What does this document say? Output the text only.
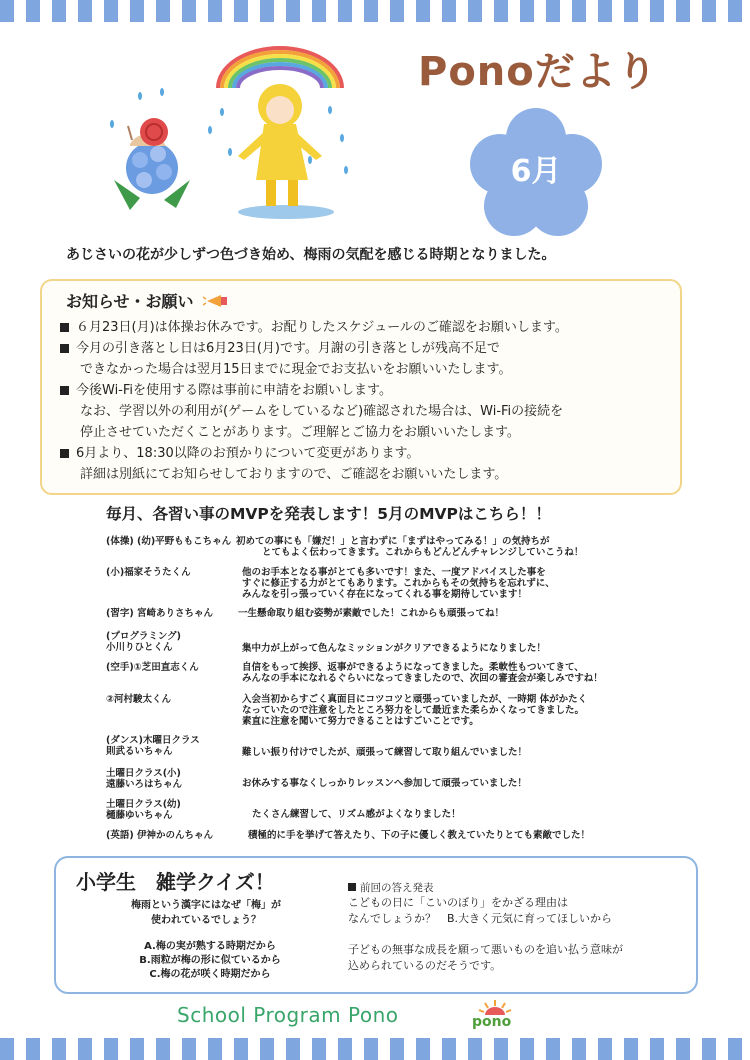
Ponoだより
6月
あじさいの花が少しずつ色づき始め、梅雨の気配を感じる時期となりました。
お知らせ・お願い
６月23日(月)は体操お休みです。お配りしたスケジュールのご確認をお願いします。
今月の引き落とし日は6月23日(月)です。月謝の引き落としが残高不足で
できなかった場合は翌月15日までに現金でお支払いをお願いいたします。
今後Wi-Fiを使用する際は事前に申請をお願いします。
なお、学習以外の利用が(ゲームをしているなど)確認された場合は、Wi-Fiの接続を
停止させていただくことがあります。ご理解とご協力をお願いいたします。
6月より、18:30以降のお預かりについて変更があります。
詳細は別紙にてお知らせしておりますので、ご確認をお願いいたします。
毎月、各習い事のMVPを発表します！5月のMVPはこちら！！
(体操) (幼)平野ももこちゃん 初めての事にも「嫌だ！」と言わずに「まずはやってみる！」の気持ちが
とてもよく伝わってきます。これからもどんどんチャレンジしていこうね！
(小)福家そうたくん	他のお手本となる事がとても多いです！また、一度アドバイスした事を
すぐに修正する力がとてもあります。これからもその気持ちを忘れずに、
みんなを引っ張っていく存在になってくれる事を期待しています！
(習字) 宮崎ありさちゃん	一生懸命取り組む姿勢が素敵でした！これからも頑張ってね！
(プログラミング)
小川りひとくん	集中力が上がって色んなミッションがクリアできるようになりました！
(空手)①芝田直志くん	自信をもって挨拶、返事ができるようになってきました。柔軟性もついてきて、
みんなの手本になれるぐらいになってきましたので、次回の審査会が楽しみですね！
②河村駿太くん	入会当初からすごく真面目にコツコツと頑張っていましたが、一時期 体がかたく
なっていたので注意をしたところ努力をして最近また柔らかくなってきました。
素直に注意を聞いて努力できることはすごいことです。
(ダンス)木曜日クラス
則武るいちゃん	難しい振り付けでしたが、頑張って練習して取り組んでいました！
土曜日クラス(小)
遠藤いろはちゃん	お休みする事なくしっかりレッスンへ参加して頑張っていました！
土曜日クラス(幼)
樋藤ゆいちゃん	たくさん練習して、リズム感がよくなりました！
(英語) 伊神かのんちゃん	積極的に手を挙げて答えたり、下の子に優しく教えていたりとても素敵でした！
小学生　雑学クイズ！
梅雨という漢字にはなぜ「梅」が
使われているでしょう？
A.梅の実が熟する時期だから
B.雨粒が梅の形に似ているから
C.梅の花が咲く時期だから
前回の答え発表
こどもの日に「こいのぼり」をかざる理由は
なんでしょうか？　B.大きく元気に育ってほしいから
子どもの無事な成長を願って悪いものを追い払う意味が
込められているのだそうです。
School Program Pono	pono
